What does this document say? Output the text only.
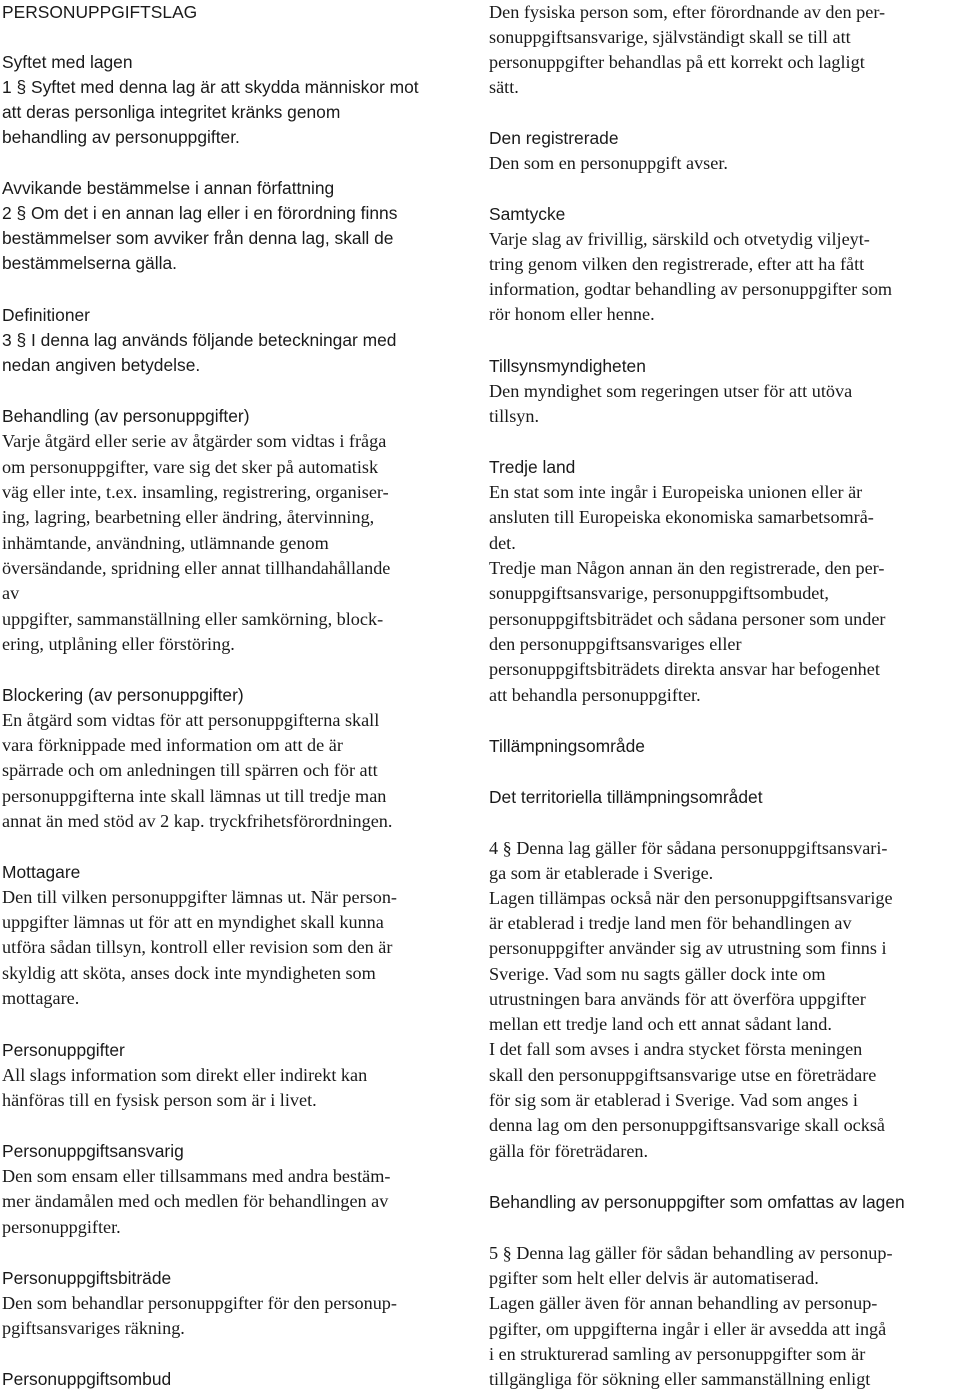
PERSONUPPGIFTSLAG
Syftet med lagen
1 § Syftet med denna lag är att skydda människor mot
att deras personliga integritet kränks genom
behandling av personuppgifter.
Avvikande bestämmelse i annan författning
2 § Om det i en annan lag eller i en förordning finns
bestämmelser som avviker från denna lag, skall de
bestämmelserna gälla.
Definitioner
3 § I denna lag används följande beteckningar med
nedan angiven betydelse.
Behandling (av personuppgifter)
Varje åtgärd eller serie av åtgärder som vidtas i fråga
om personuppgifter, vare sig det sker på automatisk
väg eller inte, t.ex. insamling, registrering, organiser-
ing, lagring, bearbetning eller ändring, återvinning,
inhämtande, användning, utlämnande genom
översändande, spridning eller annat tillhandahållande
av
uppgifter, sammanställning eller samkörning, block-
ering, utplåning eller förstöring.
Blockering (av personuppgifter)
En åtgärd som vidtas för att personuppgifterna skall
vara förknippade med information om att de är
spärrade och om anledningen till spärren och för att
personuppgifterna inte skall lämnas ut till tredje man
annat än med stöd av 2 kap. tryckfrihetsförordningen.
Mottagare
Den till vilken personuppgifter lämnas ut. När person-
uppgifter lämnas ut för att en myndighet skall kunna
utföra sådan tillsyn, kontroll eller revision som den är
skyldig att sköta, anses dock inte myndigheten som
mottagare.
Personuppgifter
All slags information som direkt eller indirekt kan
hänföras till en fysisk person som är i livet.
Personuppgiftsansvarig
Den som ensam eller tillsammans med andra bestäm-
mer ändamålen med och medlen för behandlingen av
personuppgifter.
Personuppgiftsbiträde
Den som behandlar personuppgifter för den personup-
pgiftsansvariges räkning.
Personuppgiftsombud
Den fysiska person som, efter förordnande av den per-
sonuppgiftsansvarige, självständigt skall se till att
personuppgifter behandlas på ett korrekt och lagligt
sätt.
Den registrerade
Den som en personuppgift avser.
Samtycke
Varje slag av frivillig, särskild och otvetydig viljeyt-
tring genom vilken den registrerade, efter att ha fått
information, godtar behandling av personuppgifter som
rör honom eller henne.
Tillsynsmyndigheten
Den myndighet som regeringen utser för att utöva
tillsyn.
Tredje land
En stat som inte ingår i Europeiska unionen eller är
ansluten till Europeiska ekonomiska samarbetsområ-
det.
Tredje man Någon annan än den registrerade, den per-
sonuppgiftsansvarige, personuppgiftsombudet,
personuppgiftsbiträdet och sådana personer som under
den personuppgiftsansvariges eller
personuppgiftsbiträdets direkta ansvar har befogenhet
att behandla personuppgifter.
Tillämpningsområde
Det territoriella tillämpningsområdet
4 § Denna lag gäller för sådana personuppgiftsansvari-
ga som är etablerade i Sverige.
Lagen tillämpas också när den personuppgiftsansvarige
är etablerad i tredje land men för behandlingen av
personuppgifter använder sig av utrustning som finns i
Sverige. Vad som nu sagts gäller dock inte om
utrustningen bara används för att överföra uppgifter
mellan ett tredje land och ett annat sådant land.
I det fall som avses i andra stycket första meningen
skall den personuppgiftsansvarige utse en företrädare
för sig som är etablerad i Sverige. Vad som anges i
denna lag om den personuppgiftsansvarige skall också
gälla för företrädaren.
Behandling av personuppgifter som omfattas av lagen
5 § Denna lag gäller för sådan behandling av personup-
pgifter som helt eller delvis är automatiserad.
Lagen gäller även för annan behandling av personup-
pgifter, om uppgifterna ingår i eller är avsedda att ingå
i en strukturerad samling av personuppgifter som är
tillgängliga för sökning eller sammanställning enligt
